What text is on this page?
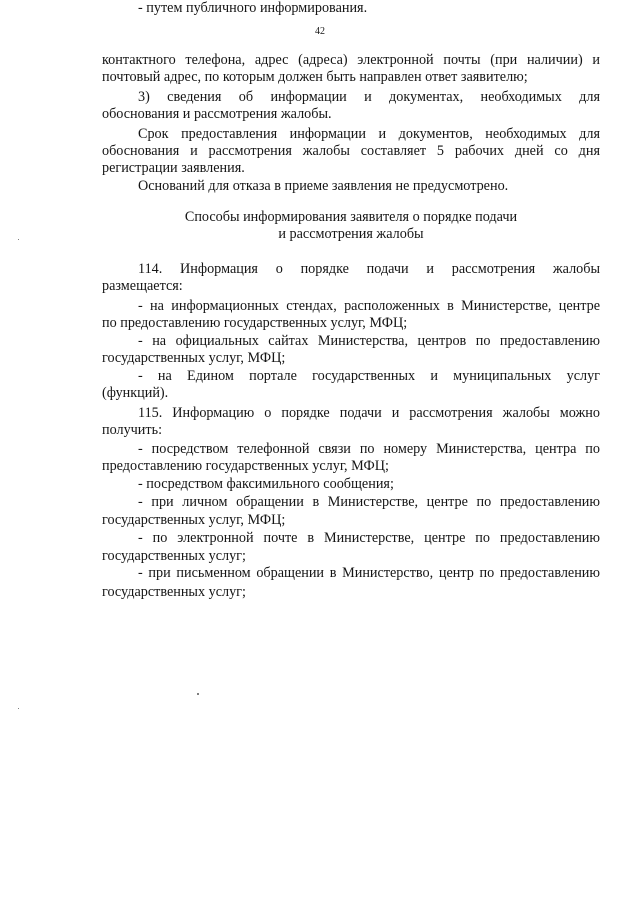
42
контактного телефона, адрес (адреса) электронной почты (при наличии) и
почтовый адрес, по которым должен быть направлен ответ заявителю;
3) сведения об информации и документах, необходимых для
обоснования и рассмотрения жалобы.
Срок предоставления информации и документов, необходимых для
обоснования и рассмотрения жалобы составляет 5 рабочих дней со дня
регистрации заявления.
Оснований для отказа в приеме заявления не предусмотрено.
Способы информирования заявителя о порядке подачи
и рассмотрения жалобы
114. Информация о порядке подачи и рассмотрения жалобы
размещается:
- на информационных стендах, расположенных в Министерстве, центре
по предоставлению государственных услуг, МФЦ;
- на официальных сайтах Министерства, центров по предоставлению
государственных услуг, МФЦ;
- на Едином портале государственных и муниципальных услуг
(функций).
115. Информацию о порядке подачи и рассмотрения жалобы можно
получить:
- посредством телефонной связи по номеру Министерства, центра по
предоставлению государственных услуг, МФЦ;
- посредством факсимильного сообщения;
- при личном обращении в Министерстве, центре по предоставлению
государственных услуг, МФЦ;
- по электронной почте в Министерстве, центре по предоставлению
государственных услуг;
- при письменном обращении в Министерство, центр по предоставлению
государственных услуг;
- путем публичного информирования.
